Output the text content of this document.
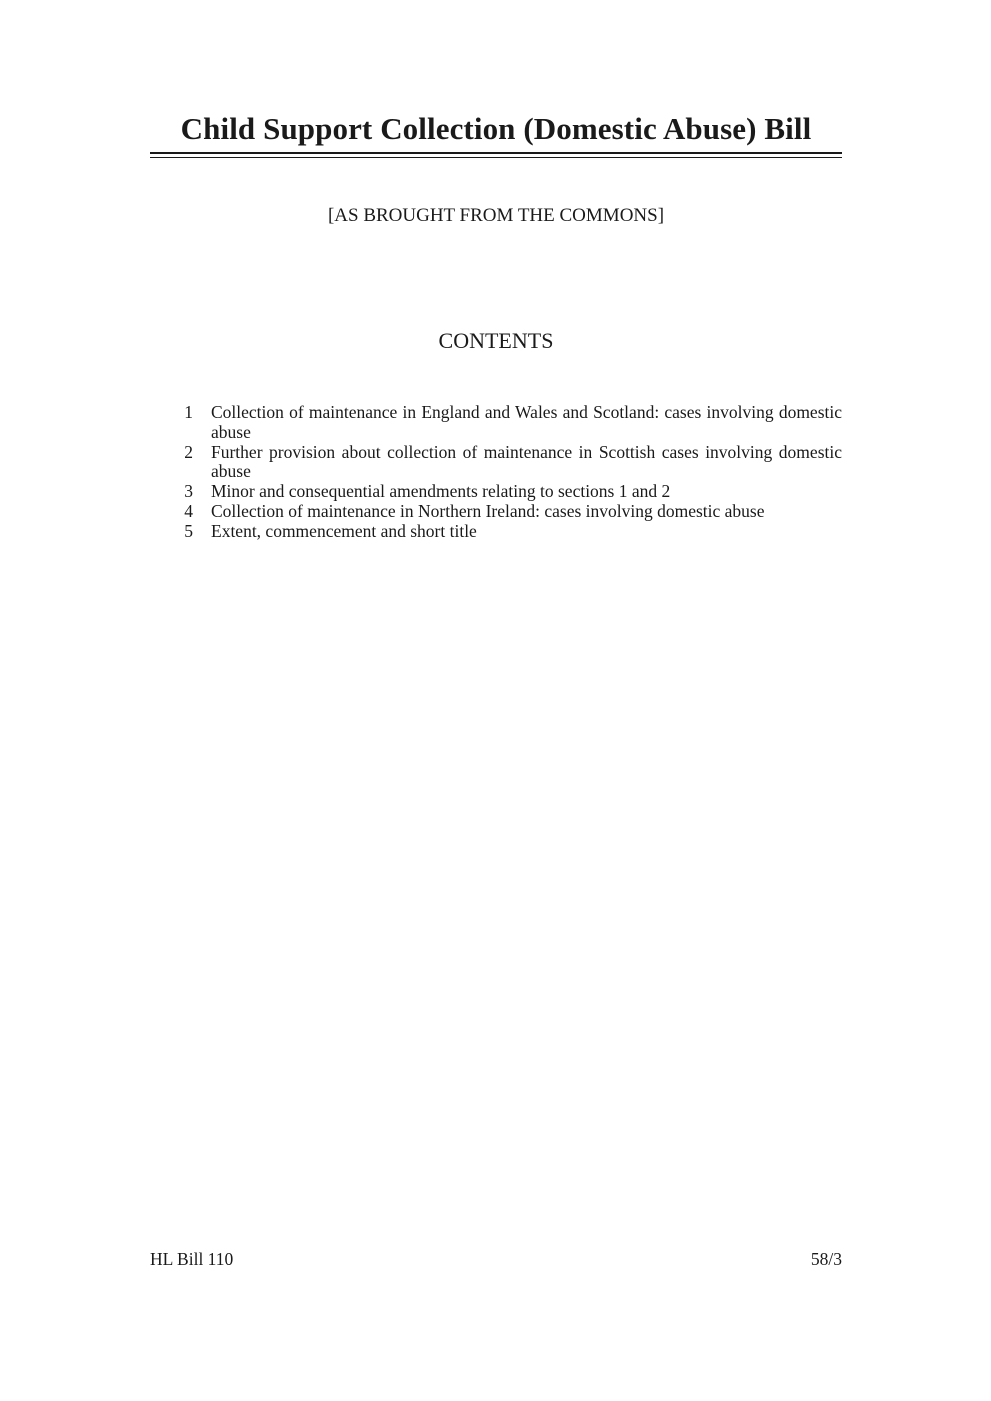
Child Support Collection (Domestic Abuse) Bill
[AS BROUGHT FROM THE COMMONS]
CONTENTS
1	Collection of maintenance in England and Wales and Scotland: cases involving domestic abuse
2	Further provision about collection of maintenance in Scottish cases involving domestic abuse
3	Minor and consequential amendments relating to sections 1 and 2
4	Collection of maintenance in Northern Ireland: cases involving domestic abuse
5	Extent, commencement and short title
HL Bill 110	58/3
